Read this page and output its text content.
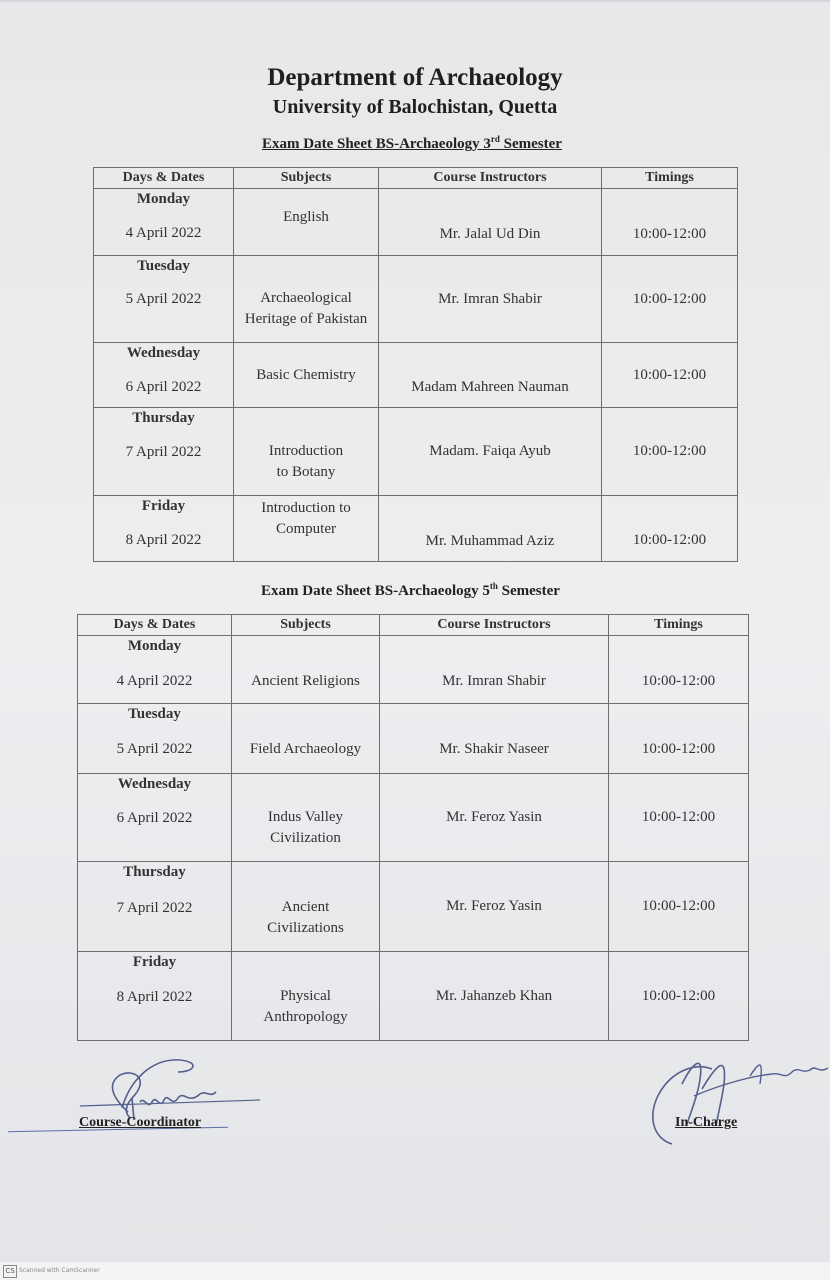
Department of Archaeology
University of Balochistan, Quetta
Exam Date Sheet BS-Archaeology 3rd Semester
Days & Dates	Subjects	Course Instructors	Timings

Monday
4 April 2022	English	Mr. Jalal Ud Din	10:00-12:00

Tuesday
5 April 2022	Archaeological Heritage of Pakistan	Mr. Imran Shabir	10:00-12:00

Wednesday
6 April 2022	Basic Chemistry	Madam Mahreen Nauman	10:00-12:00

Thursday
7 April 2022	Introduction to Botany	Madam. Faiqa Ayub	10:00-12:00

Friday
8 April 2022	Introduction to Computer	Mr. Muhammad Aziz	10:00-12:00
Exam Date Sheet BS-Archaeology 5th Semester
Days & Dates	Subjects	Course Instructors	Timings

Monday
4 April 2022	Ancient Religions	Mr. Imran Shabir	10:00-12:00

Tuesday
5 April 2022	Field Archaeology	Mr. Shakir Naseer	10:00-12:00

Wednesday
6 April 2022	Indus Valley Civilization	Mr. Feroz Yasin	10:00-12:00

Thursday
7 April 2022	Ancient Civilizations	Mr. Feroz Yasin	10:00-12:00

Friday
8 April 2022	Physical Anthropology	Mr. Jahanzeb Khan	10:00-12:00
Course-Coordinator	In-Charge
CS Scanned with CamScanner
